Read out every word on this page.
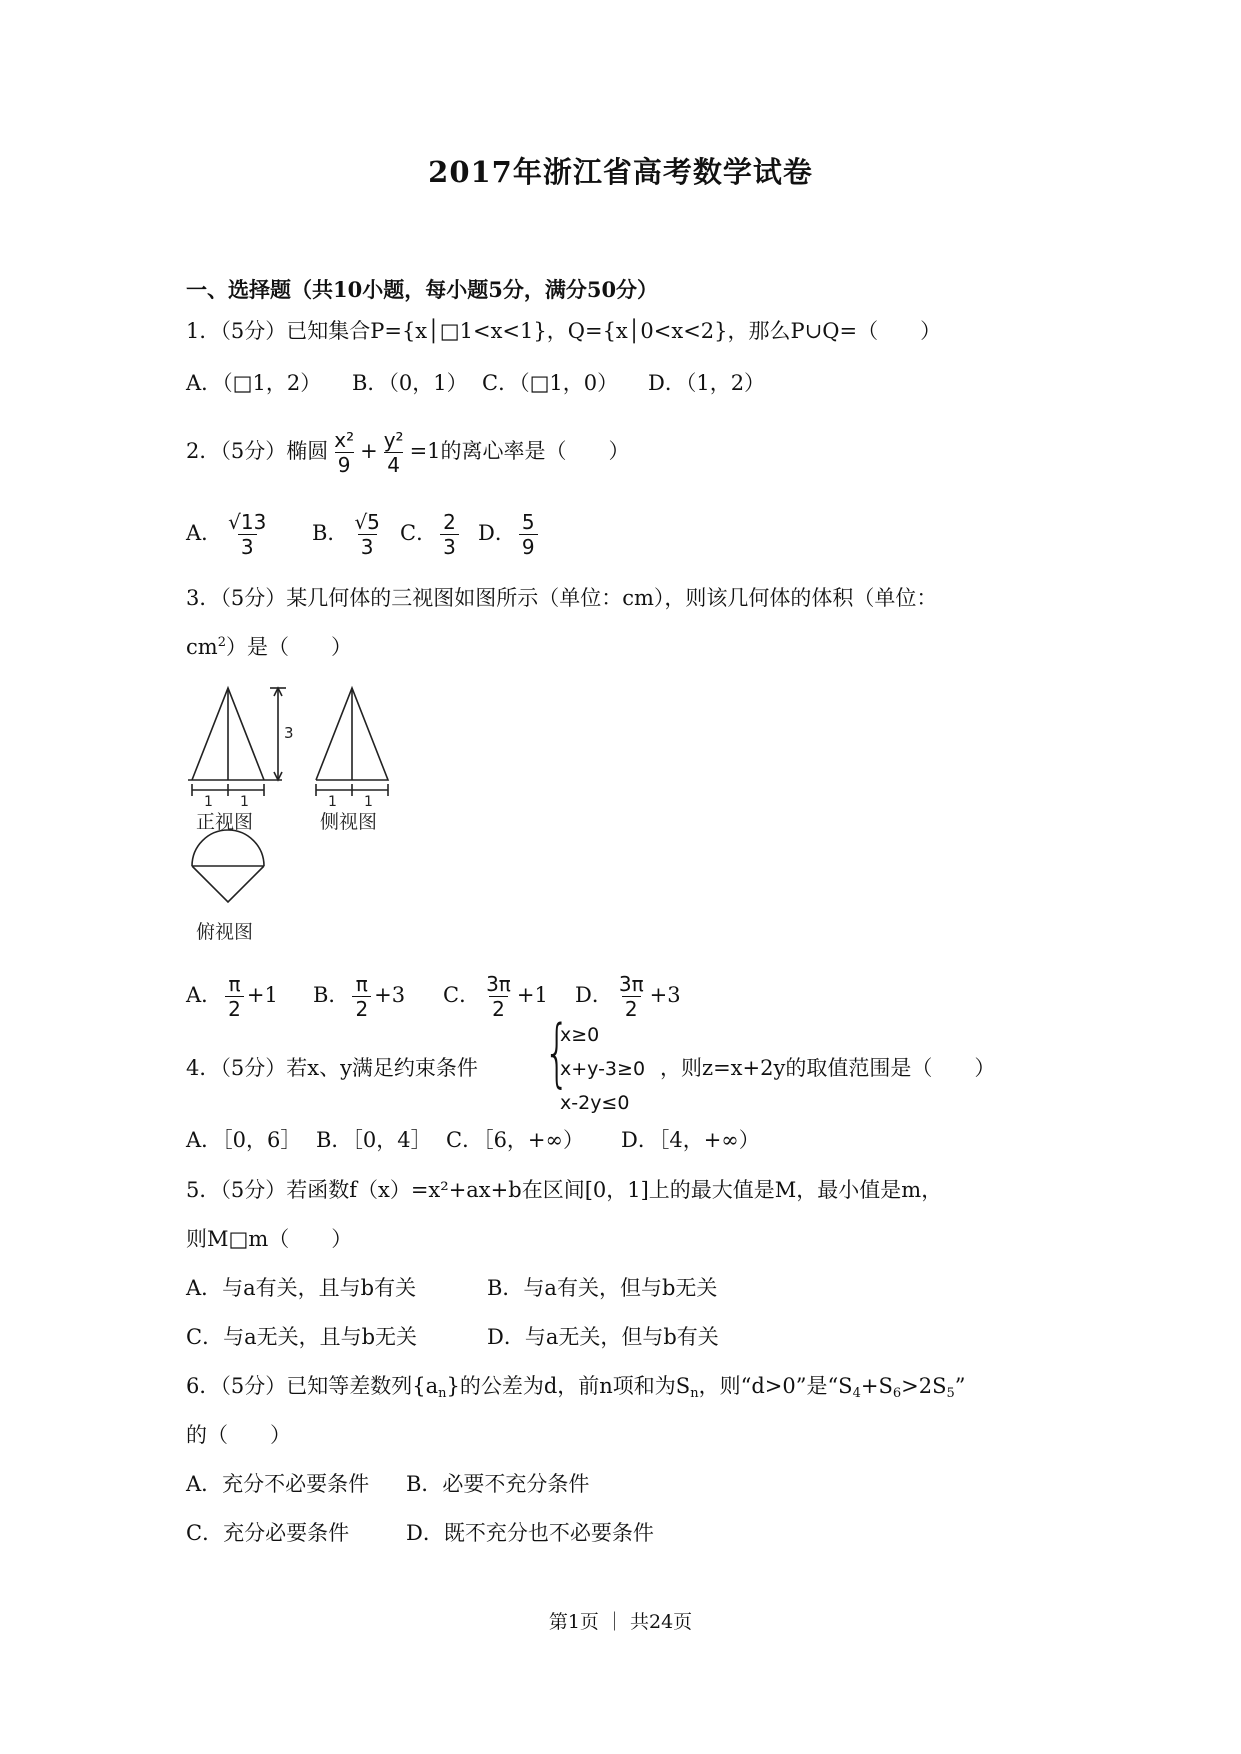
2017年浙江省高考数学试卷
一、选择题（共10小题，每小题5分，满分50分）
1．（5分）已知集合P={x│□1<x<1}，Q={x│0<x<2}，那么P∪Q=（　　）
A．（□1，2） B．（0，1） C．（□1，0） D．（1，2）
2．（5分）椭圆 $\frac{\text{x²}}{9} + \frac{\text{y²}}{4} =1$的离心率是（　　）
A． $\frac{√13}{3}$ B． $\frac{√5}{3}$ C． $\frac{2}{3}$ D． $\frac{5}{9}$
3．（5分）某几何体的三视图如图所示（单位：cm），则该几何体的体积（单位：
$cm^2$）是（　　）
3
1 1	1 1
正视图	侧视图
俯视图
A． $\frac{\pi}{2} +1$ B． $\frac{\pi}{2} +3$ C． $\frac{3\pi}{2} +1$ D． $\frac{3\pi}{2} +3$
4．（5分）若x、y满足约束条件 {
x≥0
x+y-3≥0
x-2y≤0
，则z=x+2y的取值范围是（　　）
A．［0，6］ B．［0，4］ C．［6，+∞） D．［4，+∞）
5．（5分）若函数f（x）=x²+ax+b在区间[0，1]上的最大值是M，最小值是m，
则M□m（　　）
A．与a有关，且与b有关	B．与a有关，但与b无关
C．与a无关，且与b无关	D．与a无关，但与b有关
6．（5分）已知等差数列$\{a_n\}$的公差为d，前n项和为$S_n$，则“d>0”是“$S_4+S_6>2S_5$”
的（　　）
A．充分不必要条件 B．必要不充分条件
C．充分必要条件	D．既不充分也不必要条件
第1页 ｜ 共24页
